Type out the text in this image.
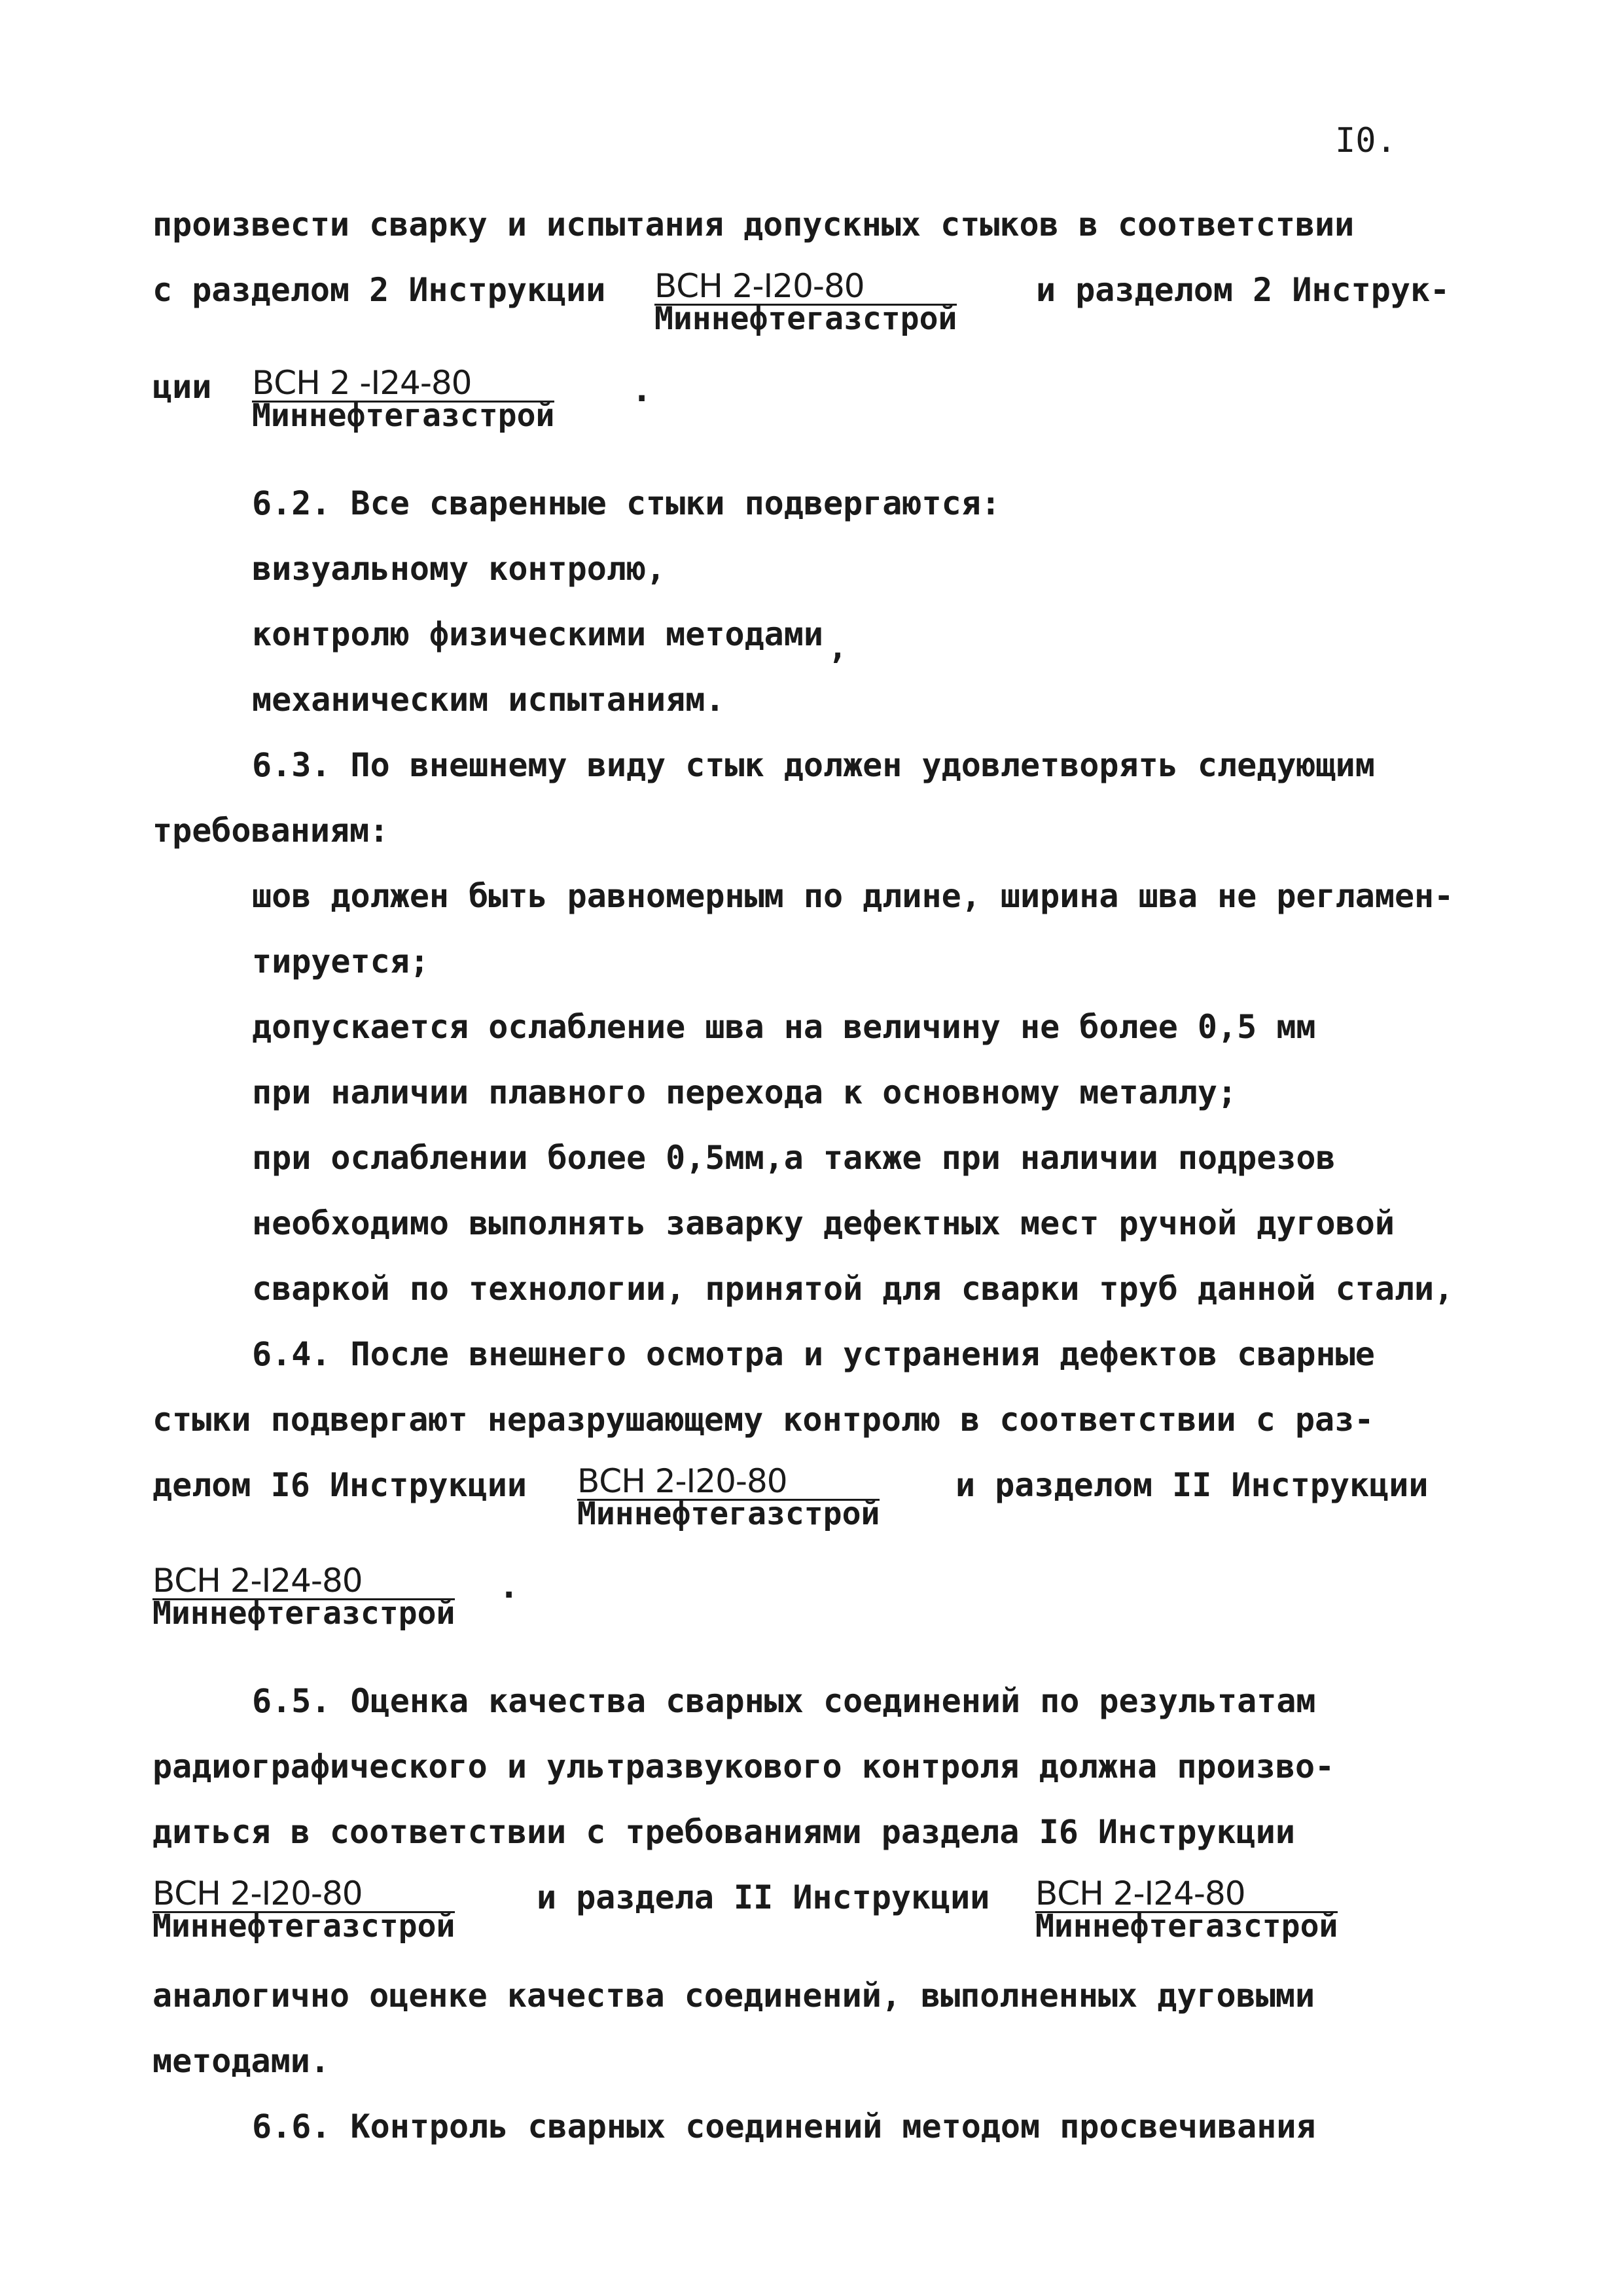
I0.
произвести сварку и испытания допускных стыков в соответствии
с разделом 2 Инструкции ВСН 2-I20-80
Миннефтегазстрой
и разделом 2 Инструк-
ции ВСН 2 -I24-80
Миннефтегазстрой
.
6.2. Все сваренные стыки подвергаются:
визуальному контролю,
контролю физическими методами ,
механическим испытаниям.
6.3. По внешнему виду стык должен удовлетворять следующим
требованиям:
шов должен быть равномерным по длине, ширина шва не регламен-
тируется;
допускается ослабление шва на величину не более 0,5 мм
при наличии плавного перехода к основному металлу;
при ослаблении более 0,5мм,а также при наличии подрезов
необходимо выполнять заварку дефектных мест ручной дуговой
сваркой по технологии, принятой для сварки труб данной стали,
6.4. После внешнего осмотра и устранения дефектов сварные
стыки подвергают неразрушающему контролю в соответствии с раз-
делом I6 Инструкции ВСН 2-I20-80
Миннефтегазстрой
и разделом II Инструкции
ВСН 2-I24-80
Миннефтегазстрой
.
6.5. Оценка качества сварных соединений по результатам
радиографического и ультразвукового контроля должна произво-
диться в соответствии с требованиями раздела I6 Инструкции
ВСН 2-I20-80
Миннефтегазстрой
и раздела II Инструкции ВСН 2-I24-80
Миннефтегазстрой
аналогично оценке качества соединений, выполненных дуговыми
методами.
6.6. Контроль сварных соединений методом просвечивания
